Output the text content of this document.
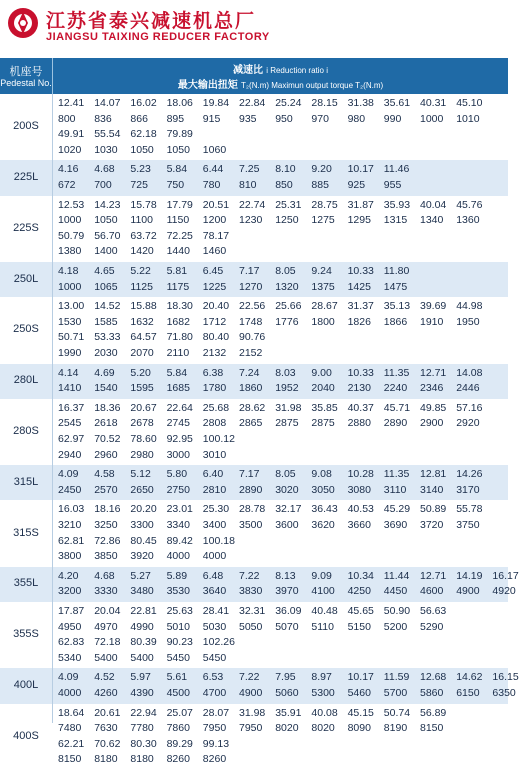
江苏省泰兴减速机总厂
JIANGSU TAIXING REDUCER FACTORY
机座号
Pedestal No.
减速比 i Reduction ratio i
最大输出扭矩 T₂(N.m) Maximun output torque T₂(N.m)
200S
12.41 14.07 16.02 18.06 19.84 22.84 25.24 28.15 31.38 35.61 40.31 45.10
800 836 866 895 915 935 950 970 980 990 1000 1010
49.91 55.54 62.18 79.89
1020 1030 1050 1050 1060
225L
4.16 4.68 5.23 5.84 6.44 7.25 8.10 9.20 10.17 11.46
672 700 725 750 780 810 850 885 925 955
225S
12.53 14.23 15.78 17.79 20.51 22.74 25.31 28.75 31.87 35.93 40.04 45.76
1000 1050 1100 1150 1200 1230 1250 1275 1295 1315 1340 1360
50.79 56.70 63.72 72.25 78.17
1380 1400 1420 1440 1460
250L
4.18 4.65 5.22 5.81 6.45 7.17 8.05 9.24 10.33 11.80
1000 1065 1125 1175 1225 1270 1320 1375 1425 1475
250S
13.00 14.52 15.88 18.30 20.40 22.56 25.66 28.67 31.37 35.13 39.69 44.98
1530 1585 1632 1682 1712 1748 1776 1800 1826 1866 1910 1950
50.71 53.33 64.57 71.80 80.40 90.76
1990 2030 2070 2110 2132 2152
280L
4.14 4.69 5.20 5.84 6.38 7.24 8.03 9.00 10.33 11.35 12.71 14.08
1410 1540 1595 1685 1780 1860 1952 2040 2130 2240 2346 2446
280S
16.37 18.36 20.67 22.64 25.68 28.62 31.98 35.85 40.37 45.71 49.85 57.16
2545 2618 2678 2745 2808 2865 2875 2875 2880 2890 2900 2920
62.97 70.52 78.60 92.95 100.12
2940 2960 2980 3000 3010
315L
4.09 4.58 5.12 5.80 6.40 7.17 8.05 9.08 10.28 11.35 12.81 14.26
2450 2570 2650 2750 2810 2890 3020 3050 3080 3110 3140 3170
315S
16.03 18.16 20.20 23.01 25.30 28.78 32.17 36.43 40.53 45.29 50.89 55.78
3210 3250 3300 3340 3400 3500 3600 3620 3660 3690 3720 3750
62.81 72.86 80.45 89.42 100.18
3800 3850 3920 4000 4000
355L
4.20 4.68 5.27 5.89 6.48 7.22 8.13 9.09 10.34 11.44 12.71 14.19 16.17
3200 3330 3480 3530 3640 3830 3970 4100 4250 4450 4600 4900 4920
355S
17.87 20.04 22.81 25.63 28.41 32.31 36.09 40.48 45.65 50.90 56.63
4950 4970 4990 5010 5030 5050 5070 5110 5150 5200 5290
62.83 72.18 80.39 90.23 102.26
5340 5400 5400 5450 5450
400L
4.09 4.52 5.97 5.61 6.53 7.22 7.95 8.97 10.17 11.59 12.68 14.62 16.15
4000 4260 4390 4500 4700 4900 5060 5300 5460 5700 5860 6150 6350
400S
18.64 20.61 22.94 25.07 28.07 31.98 35.91 40.08 45.15 50.74 56.89
7480 7630 7780 7860 7950 7950 8020 8020 8090 8190 8150
62.21 70.62 80.30 89.29 99.13
8150 8180 8180 8260 8260
